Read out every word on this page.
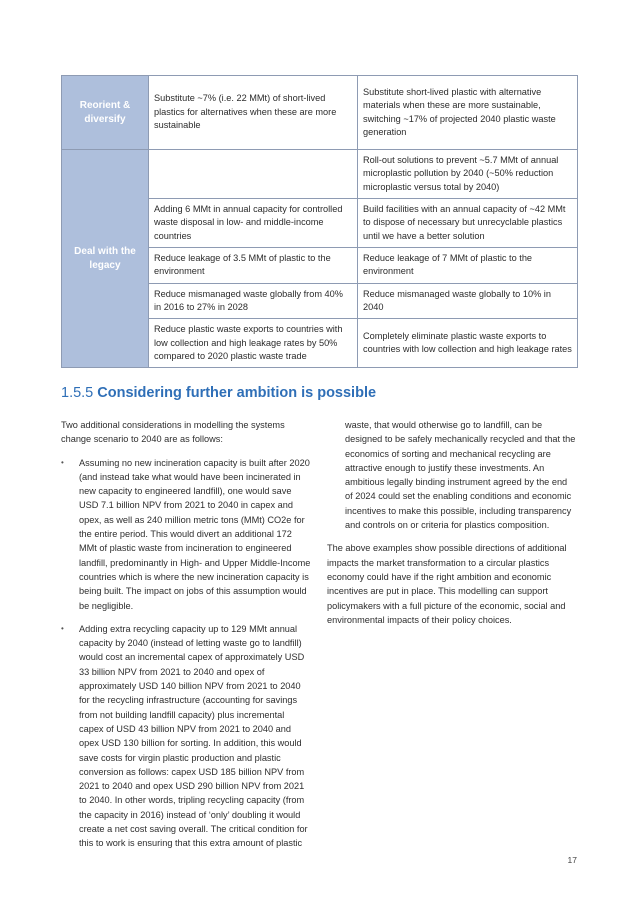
Reorient & diversify	Substitute ~7% (i.e. 22 MMt) of short-lived plastics for alternatives when these are more sustainable	Substitute short-lived plastic with alternative materials when these are more sustainable, switching ~17% of projected 2040 plastic waste generation
Deal with the legacy		Roll-out solutions to prevent ~5.7 MMt of annual microplastic pollution by 2040 (~50% reduction microplastic versus total by 2040)
	Adding 6 MMt in annual capacity for controlled waste disposal in low- and middle-income countries	Build facilities with an annual capacity of ~42 MMt to dispose of necessary but unrecyclable plastics until we have a better solution
	Reduce leakage of 3.5 MMt of plastic to the environment	Reduce leakage of 7 MMt of plastic to the environment
	Reduce mismanaged waste globally from 40% in 2016 to 27% in 2028	Reduce mismanaged waste globally to 10% in 2040
	Reduce plastic waste exports to countries with low collection and high leakage rates by 50% compared to 2020 plastic waste trade	Completely eliminate plastic waste exports to countries with low collection and high leakage rates
1.5.5 Considering further ambition is possible

Two additional considerations in modelling the systems change scenario to 2040 are as follows:

• Assuming no new incineration capacity is built after 2020 (and instead take what would have been incinerated in new capacity to engineered landfill), one would save USD 7.1 billion NPV from 2021 to 2040 in capex and opex, as well as 240 million metric tons (MMt) CO2e for the entire period. This would divert an additional 172 MMt of plastic waste from incineration to engineered landfill, predominantly in High- and Upper Middle-Income countries which is where the new incineration capacity is being built. The impact on jobs of this assumption would be negligible.
• Adding extra recycling capacity up to 129 MMt annual capacity by 2040 (instead of letting waste go to landfill) would cost an incremental capex of approximately USD 33 billion NPV from 2021 to 2040 and opex of approximately USD 140 billion NPV from 2021 to 2040 for the recycling infrastructure (accounting for savings from not building landfill capacity) plus incremental capex of USD 43 billion NPV from 2021 to 2040 and opex USD 130 billion for sorting. In addition, this would save costs for virgin plastic production and plastic conversion as follows: capex USD 185 billion NPV from 2021 to 2040 and opex USD 290 billion NPV from 2021 to 2040. In other words, tripling recycling capacity (from the capacity in 2016) instead of ‘only’ doubling it would create a net cost saving overall. The critical condition for this to work is ensuring that this extra amount of plastic

waste, that would otherwise go to landfill, can be designed to be safely mechanically recycled and that the economics of sorting and mechanical recycling are attractive enough to justify these investments. An ambitious legally binding instrument agreed by the end of 2024 could set the enabling conditions and economic incentives to make this possible, including transparency and controls on or criteria for plastics composition.

The above examples show possible directions of additional impacts the market transformation to a circular plastics economy could have if the right ambition and economic incentives are put in place. This modelling can support policymakers with a full picture of the economic, social and environmental impacts of their policy choices.

17
